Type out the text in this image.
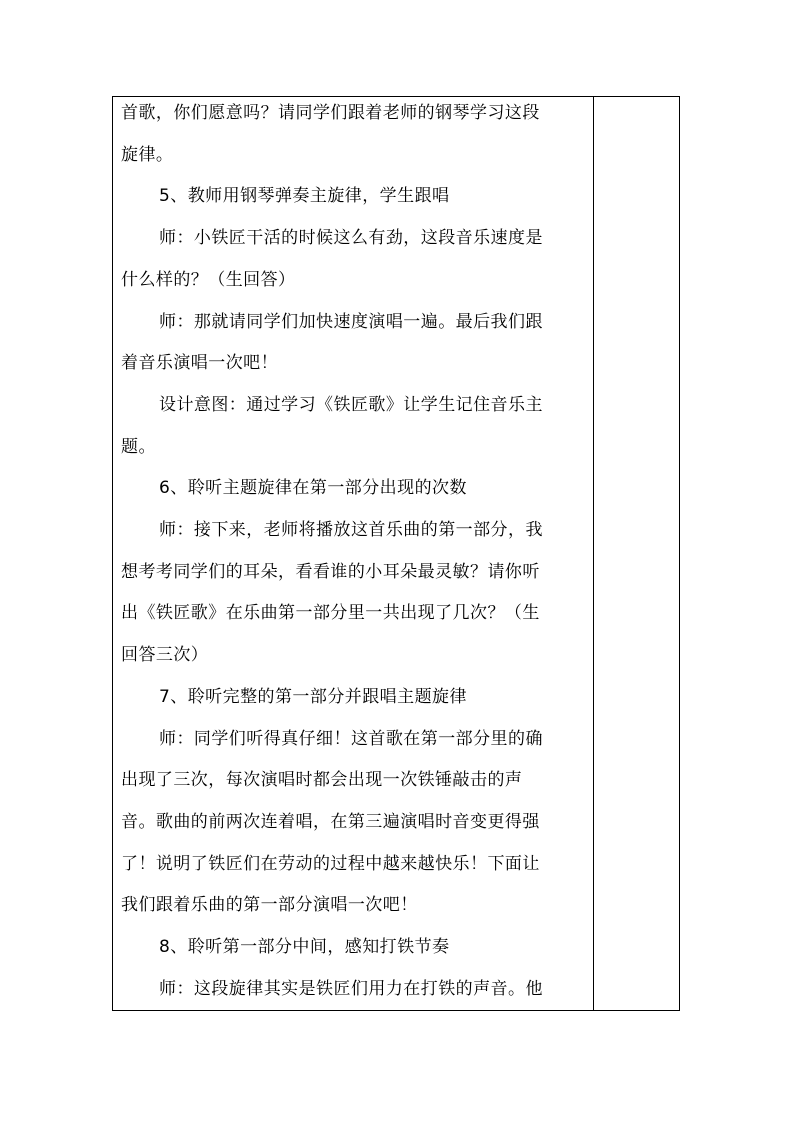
首歌，你们愿意吗？请同学们跟着老师的钢琴学习这段
旋律。
5、教师用钢琴弹奏主旋律，学生跟唱
师：小铁匠干活的时候这么有劲，这段音乐速度是
什么样的？（生回答）
师：那就请同学们加快速度演唱一遍。最后我们跟
着音乐演唱一次吧！
设计意图：通过学习《铁匠歌》让学生记住音乐主
题。
6、聆听主题旋律在第一部分出现的次数
师：接下来，老师将播放这首乐曲的第一部分，我
想考考同学们的耳朵，看看谁的小耳朵最灵敏？请你听
出《铁匠歌》在乐曲第一部分里一共出现了几次？（生
回答三次）
7、聆听完整的第一部分并跟唱主题旋律
师：同学们听得真仔细！这首歌在第一部分里的确
出现了三次，每次演唱时都会出现一次铁锤敲击的声
音。歌曲的前两次连着唱，在第三遍演唱时音变更得强
了！说明了铁匠们在劳动的过程中越来越快乐！下面让
我们跟着乐曲的第一部分演唱一次吧！
8、聆听第一部分中间，感知打铁节奏
师：这段旋律其实是铁匠们用力在打铁的声音。他
